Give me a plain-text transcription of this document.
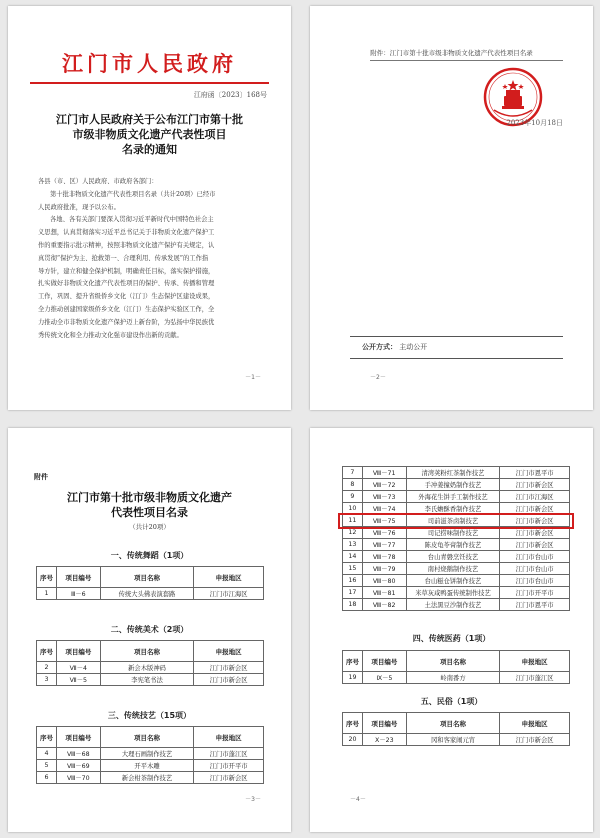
江门市人民政府
江府函〔2023〕168号
江门市人民政府关于公布江门市第十批
市级非物质文化遗产代表性项目
名录的通知
各县（市、区）人民政府、市政府各部门：
第十批非物质文化遗产代表性项目名录（共计20项）已经市
人民政府批准，现予以公布。
各地、各有关部门要深入贯彻习近平新时代中国特色社会主
义思想，认真贯彻落实习近平总书记关于非物质文化遗产保护工
作的重要指示批示精神，按照非物质文化遗产保护有关规定，认
真贯彻“保护为主、抢救第一、合理利用、传承发展”的工作指
导方针，建立和健全保护机制，明确责任目标，落实保护措施，
扎实做好非物质文化遗产代表性项目的保护、传承、传播和管理
工作，巩固、提升省级侨乡文化（江门）生态保护区建设成果，
全力推动创建国家级侨乡文化（江门）生态保护实验区工作，全
力推动全市非物质文化遗产保护迈上新台阶，为弘扬中华民族优
秀传统文化和全力推动文化强市建设作出新的贡献。
－1－
附件：江门市第十批市级非物质文化遗产代表性项目名录
2023年10月18日
公开方式： 主动公开
－2－
附件
江门市第十批市级非物质文化遗产
代表性项目名录
（共计20项）
一、传统舞蹈（1项）
序号	项目编号	项目名称	申报地区
1	Ⅲ－6	传统大头佛表演套路	江门市江海区
二、传统美术（2项）
序号	项目编号	项目名称	申报地区
2	Ⅶ－4	新会木版神码	江门市新会区
3	Ⅶ－5	李宪笔书法	江门市新会区
三、传统技艺（15项）
序号	项目编号	项目名称	申报地区
4	Ⅷ－68	大理石画制作技艺	江门市蓬江区
5	Ⅷ－69	开平木雕	江门市开平市
6	Ⅷ－70	新会柑茶制作技艺	江门市新会区
－3－
7	Ⅷ－71	清湾荚粉红茶制作技艺	江门市恩平市
8	Ⅷ－72	手冲姜撞奶制作技艺	江门市新会区
9	Ⅷ－73	外海花生饼手工制作技艺	江门市江海区
10	Ⅷ－74	李氏蟾酥香制作技艺	江门市新会区
11	Ⅷ－75	司前滋茶卤制技艺	江门市新会区
12	Ⅷ－76	司记捞味制作技艺	江门市新会区
13	Ⅷ－77	陈皮龟苓膏制作技艺	江门市新会区
14	Ⅷ－78	台山青磐烹饪技艺	江门市台山市
15	Ⅷ－79	南村烧鹅制作技艺	江门市台山市
16	Ⅷ－80	台山糍仓饼制作技艺	江门市台山市
17	Ⅷ－81	米草灰咸鸭蛋传统制作技艺	江门市开平市
18	Ⅷ－82	土法黑豆沙制作技艺	江门市恩平市
四、传统医药（1项）
序号	项目编号	项目名称	申报地区
19	Ⅸ－5	岭南番方	江门市蓬江区
五、民俗（1项）
序号	项目编号	项目名称	申报地区
20	Ⅹ－23	冈和客家闹元宵	江门市新会区
－4－
